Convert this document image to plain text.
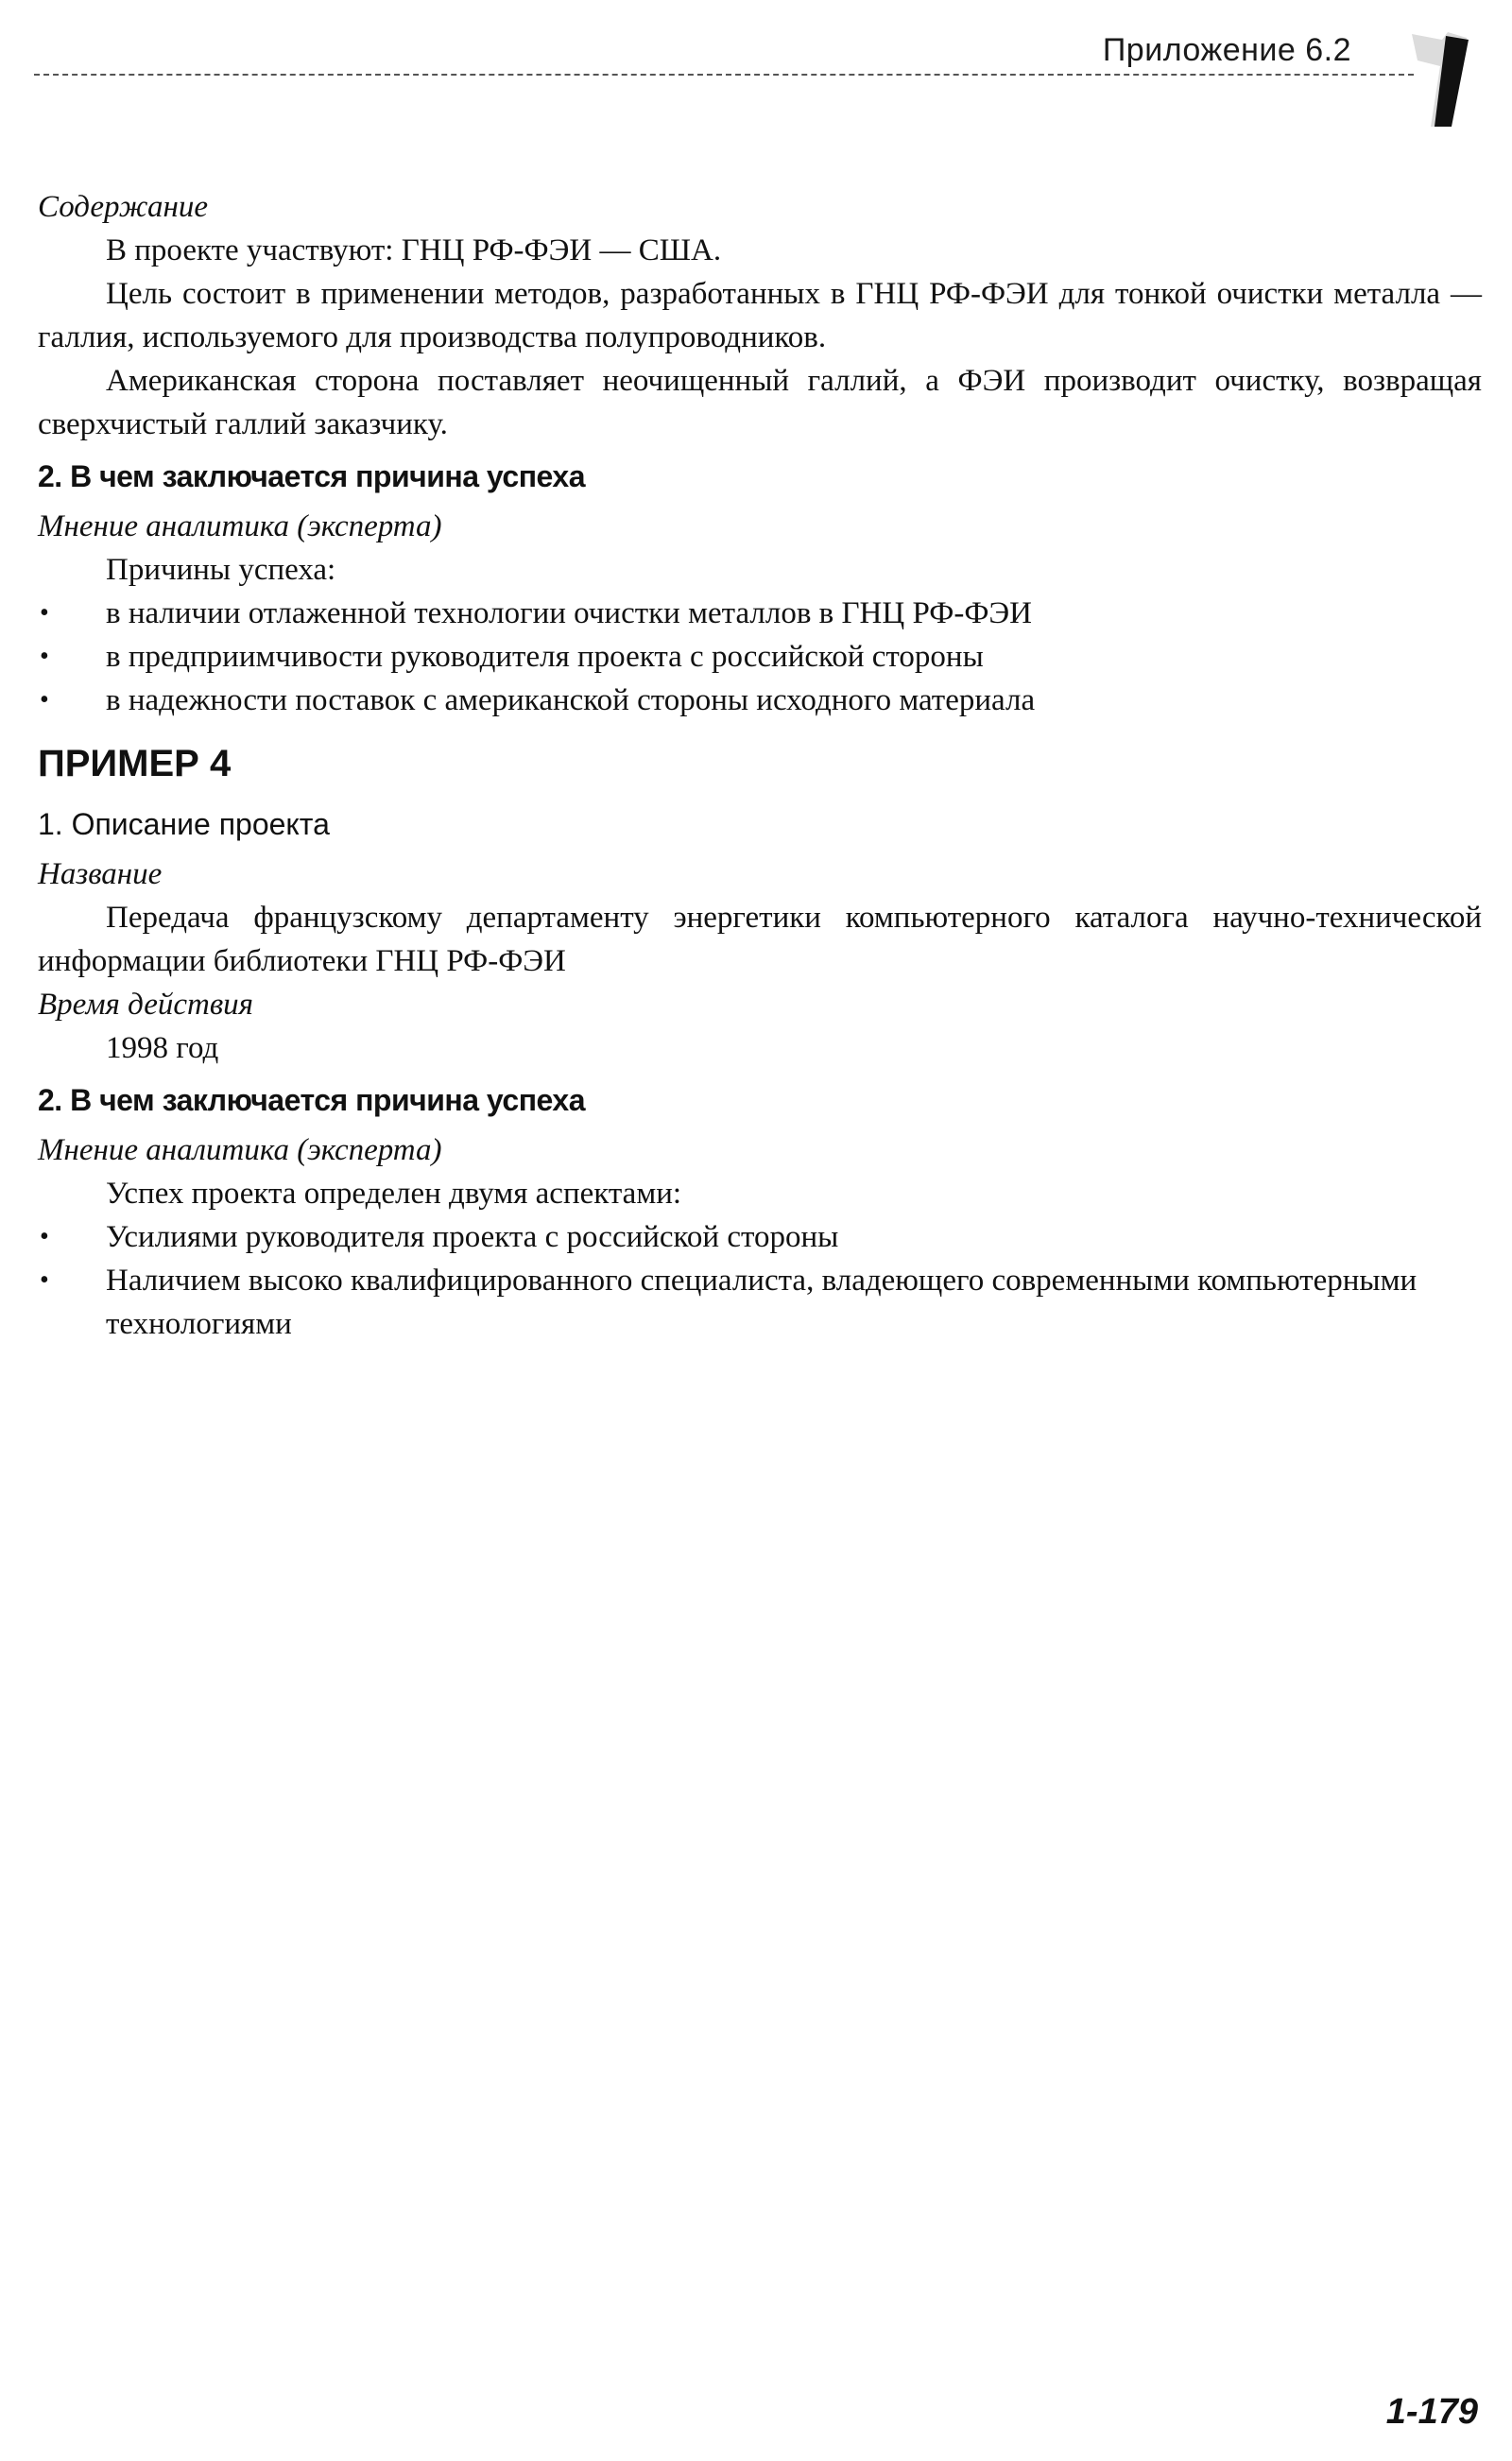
Приложение 6.2

Содержание

В проекте участвуют: ГНЦ РФ-ФЭИ — США.

Цель состоит в применении методов, разработанных в ГНЦ РФ-ФЭИ для тонкой очистки металла — галлия, используемого для производства полупроводников.

Американская сторона поставляет неочищенный галлий, а ФЭИ производит очистку, возвращая сверхчистый галлий заказчику.

2. В чем заключается причина успеха

Мнение аналитика (эксперта)

Причины успеха:

• в наличии отлаженной технологии очистки металлов в ГНЦ РФ-ФЭИ
• в предприимчивости руководителя проекта с российской стороны
• в надежности поставок с американской стороны исходного материала
ПРИМЕР 4
1. Описание проекта

Название

Передача французскому департаменту энергетики компьютерного каталога научно-технической информации библиотеки ГНЦ РФ-ФЭИ

Время действия

1998 год

2. В чем заключается причина успеха

Мнение аналитика (эксперта)

Успех проекта определен двумя аспектами:

• Усилиями руководителя проекта с российской стороны
• Наличием высоко квалифицированного специалиста, владеющего современными компьютерными технологиями
1-179
